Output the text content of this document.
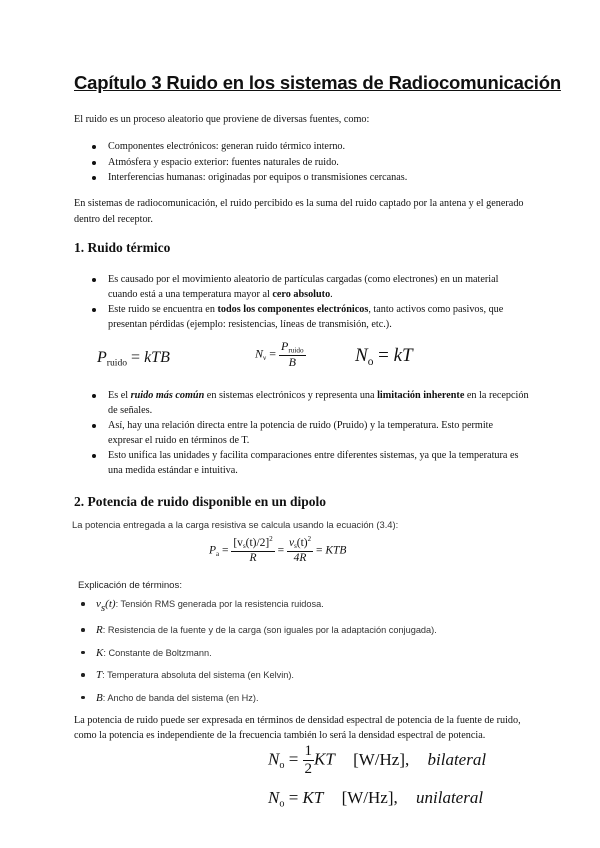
Capítulo 3 Ruido en los sistemas de Radiocomunicación

El ruido es un proceso aleatorio que proviene de diversas fuentes, como:

Componentes electrónicos: generan ruido térmico interno.
Atmósfera y espacio exterior: fuentes naturales de ruido.
Interferencias humanas: originadas por equipos o transmisiones cercanas.

En sistemas de radiocomunicación, el ruido percibido es la suma del ruido captado por la antena y el generado dentro del receptor.

1. Ruido térmico
Es causado por el movimiento aleatorio de partículas cargadas (como electrones) en un material cuando está a una temperatura mayor al cero absoluto.
Este ruido se encuentra en todos los componentes electrónicos, tanto activos como pasivos, que presentan pérdidas (ejemplo: resistencias, líneas de transmisión, etc.).
$P_{ruido}$ = kTB	$N_\nu = \frac{P_{ruido}}{B}$	$N_o$ = kT
Es el ruido más común en sistemas electrónicos y representa una limitación inherente en la recepción de señales.
Así, hay una relación directa entre la potencia de ruido (Pruido) y la temperatura. Esto permite expresar el ruido en términos de T.
Esto unifica las unidades y facilita comparaciones entre diferentes sistemas, ya que la temperatura es una medida estándar e intuitiva.
2. Potencia de ruido disponible en un dipolo

La potencia entregada a la carga resistiva se calcula usando la ecuación (3.4):

$P_a = \frac{[v_s(t)/2]^2}{R} = \frac{v_s(t)^2}{4R}$ = KTB

Explicación de términos:

vs(t): Tensión RMS generada por la resistencia ruidosa.
R: Resistencia de la fuente y de la carga (son iguales por la adaptación conjugada).
K: Constante de Boltzmann.
T: Temperatura absoluta del sistema (en Kelvin).
B: Ancho de banda del sistema (en Hz).

La potencia de ruido puede ser expresada en términos de densidad espectral de potencia de la fuente de ruido, como la potencia es independiente de la frecuencia también lo será la densidad espectral de potencia.

$N_o = \frac{1}{2}$ KT [W/Hz], bilateral
$N_o$ = KT [W/Hz], unilateral
